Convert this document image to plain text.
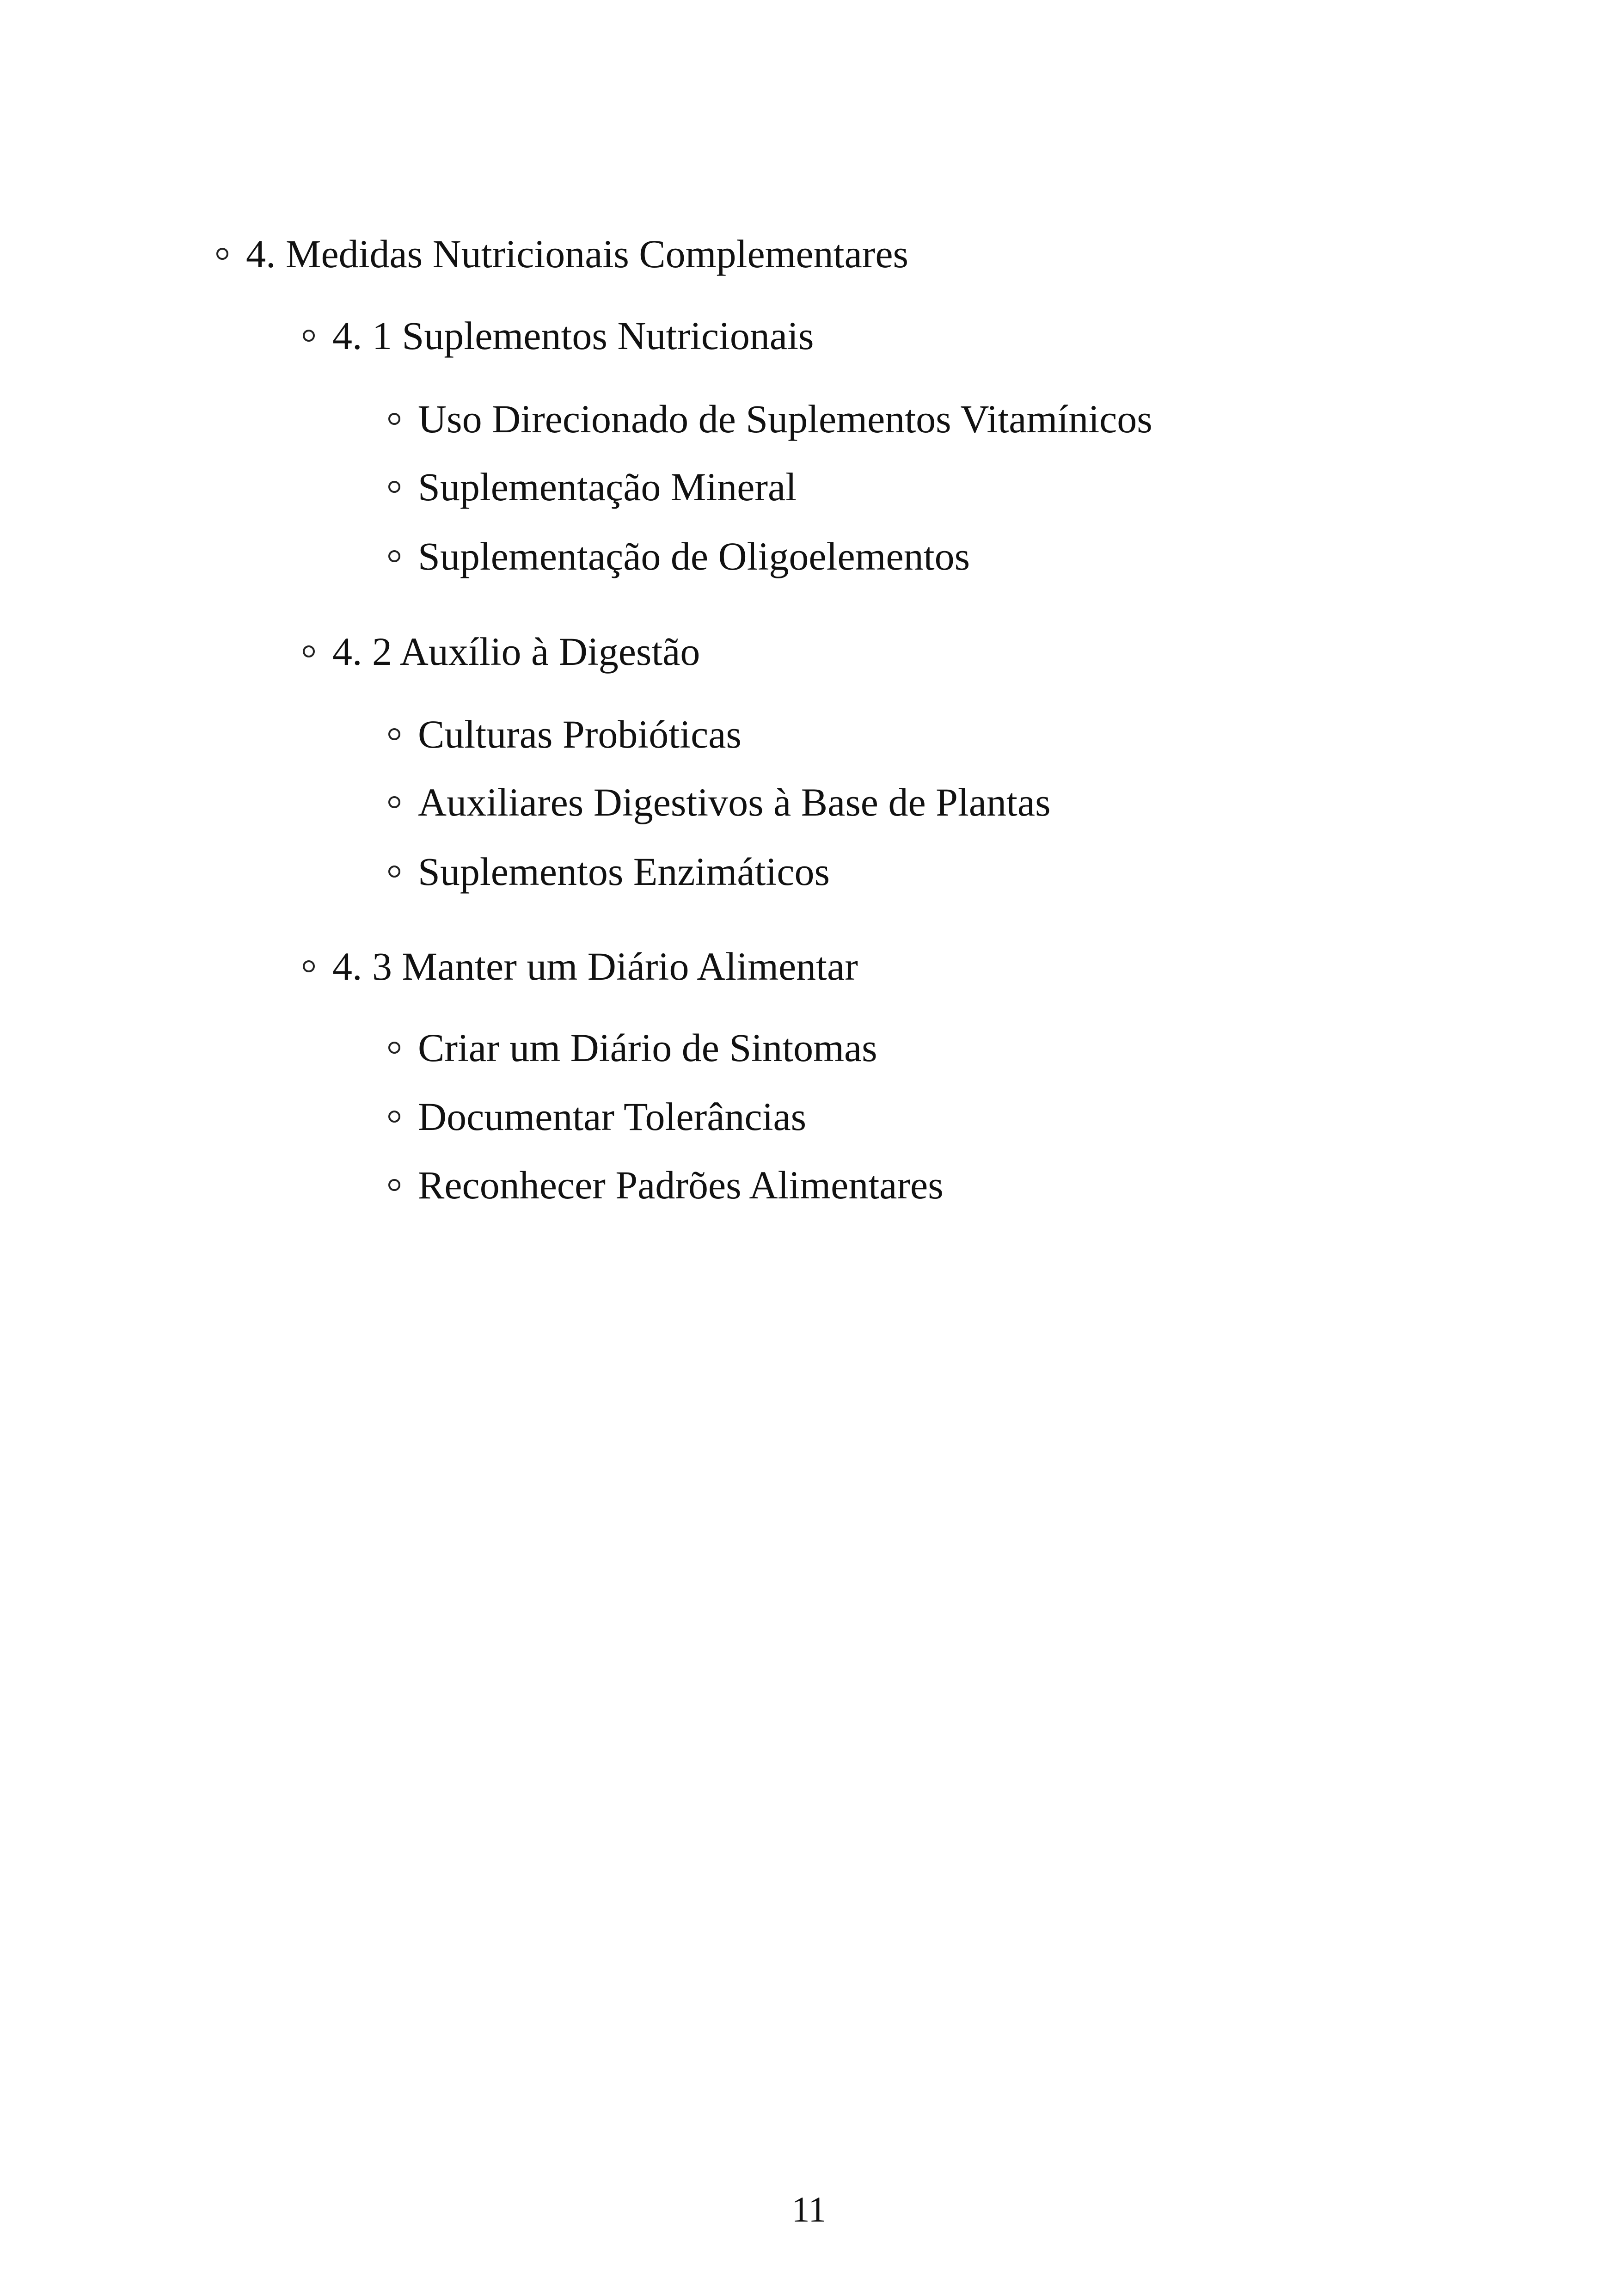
4. Medidas Nutricionais Complementares
4. 1 Suplementos Nutricionais
Uso Direcionado de Suplementos Vitamínicos
Suplementação Mineral
Suplementação de Oligoelementos
4. 2 Auxílio à Digestão
Culturas Probióticas
Auxiliares Digestivos à Base de Plantas
Suplementos Enzimáticos
4. 3 Manter um Diário Alimentar
Criar um Diário de Sintomas
Documentar Tolerâncias
Reconhecer Padrões Alimentares
11
